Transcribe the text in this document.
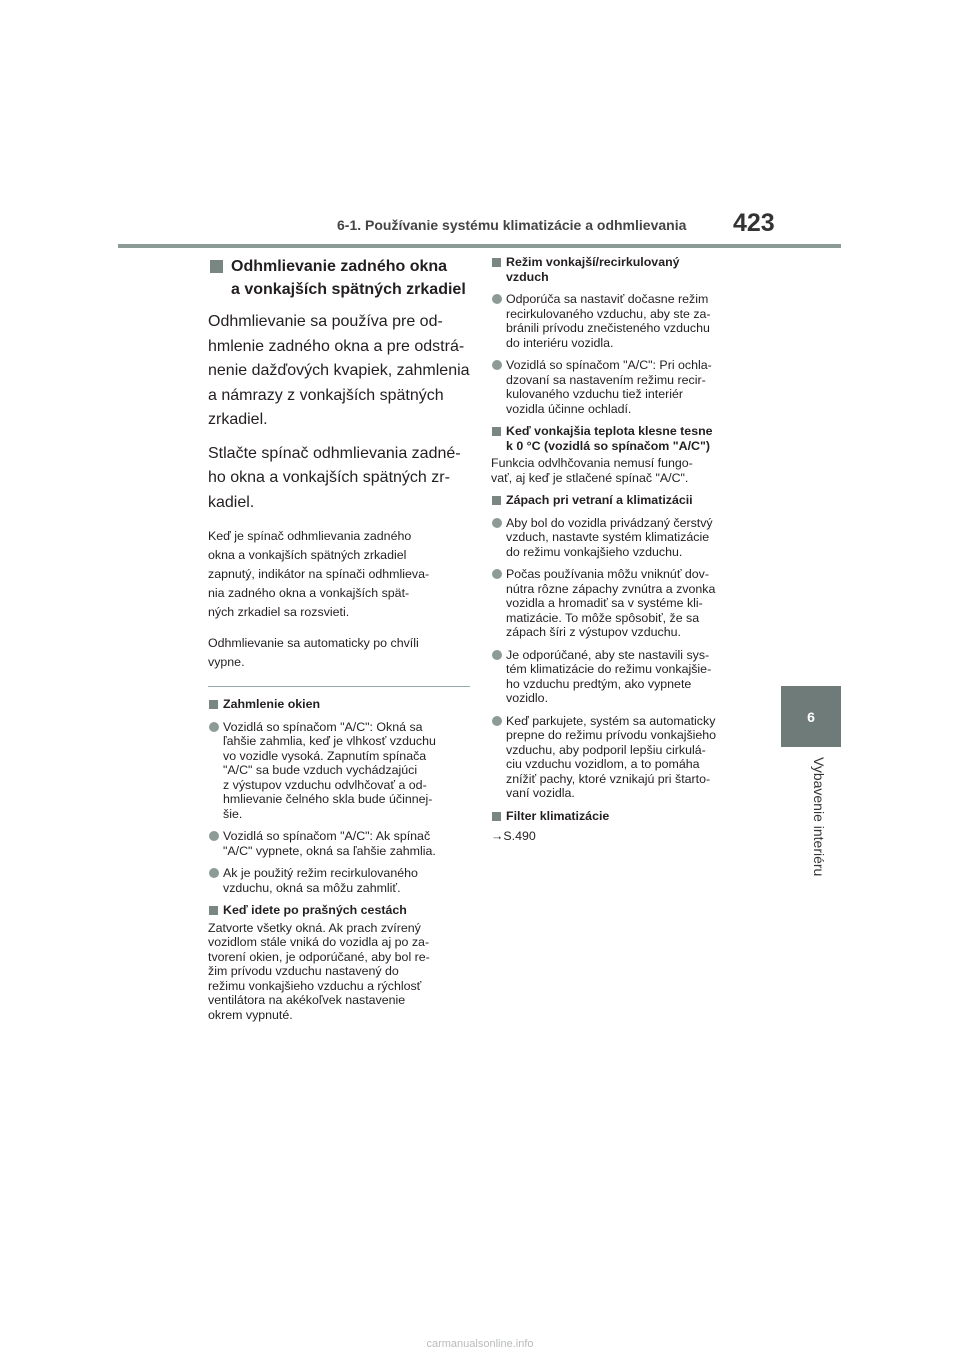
6-1. Používanie systému klimatizácie a odhmlievania 423
6
Vybavenie interiéru
Odhmlievanie zadného okna
a vonkajších spätných zrkadiel

Odhmlievanie sa používa pre od-
hmlenie zadného okna a pre odstrá-
nenie dažďových kvapiek, zahmlenia
a námrazy z vonkajších spätných
zrkadiel.

Stlačte spínač odhmlievania zadné-
ho okna a vonkajších spätných zr-
kadiel.

Keď je spínač odhmlievania zadného
okna a vonkajších spätných zrkadiel
zapnutý, indikátor na spínači odhmlieva-
nia zadného okna a vonkajších spät-
ných zrkadiel sa rozsvieti.

Odhmlievanie sa automaticky po chvíli
vypne.

Zahmlenie okien
Vozidlá so spínačom "A/C": Okná sa
ľahšie zahmlia, keď je vlhkosť vzduchu
vo vozidle vysoká. Zapnutím spínača
"A/C" sa bude vzduch vychádzajúci
z výstupov vzduchu odvlhčovať a od-
hmlievanie čelného skla bude účinnej-
šie.
Vozidlá so spínačom "A/C": Ak spínač
"A/C" vypnete, okná sa ľahšie zahmlia.
Ak je použitý režim recirkulovaného
vzduchu, okná sa môžu zahmliť.
Keď idete po prašných cestách
Zatvorte všetky okná. Ak prach zvírený
vozidlom stále vniká do vozidla aj po za-
tvorení okien, je odporúčané, aby bol re-
žim prívodu vzduchu nastavený do
režimu vonkajšieho vzduchu a rýchlosť
ventilátora na akékoľvek nastavenie
okrem vypnuté.
Režim vonkajší/recirkulovaný
vzduch
Odporúča sa nastaviť dočasne režim
recirkulovaného vzduchu, aby ste za-
bránili prívodu znečisteného vzduchu
do interiéru vozidla.
Vozidlá so spínačom "A/C": Pri ochla-
dzovaní sa nastavením režimu recir-
kulovaného vzduchu tiež interiér
vozidla účinne ochladí.
Keď vonkajšia teplota klesne tesne
k 0 °C (vozidlá so spínačom "A/C")
Funkcia odvlhčovania nemusí fungo-
vať, aj keď je stlačené spínač "A/C".
Zápach pri vetraní a klimatizácii
Aby bol do vozidla privádzaný čerstvý
vzduch, nastavte systém klimatizácie
do režimu vonkajšieho vzduchu.
Počas používania môžu vniknúť dov-
nútra rôzne zápachy zvnútra a zvonka
vozidla a hromadiť sa v systéme kli-
matizácie. To môže spôsobiť, že sa
zápach šíri z výstupov vzduchu.
Je odporúčané, aby ste nastavili sys-
tém klimatizácie do režimu vonkajšie-
ho vzduchu predtým, ako vypnete
vozidlo.
Keď parkujete, systém sa automaticky
prepne do režimu prívodu vonkajšieho
vzduchu, aby podporil lepšiu cirkulá-
ciu vzduchu vozidlom, a to pomáha
znížiť pachy, ktoré vznikajú pri štarto-
vaní vozidla.
Filter klimatizácie
→S.490
carmanualsonline.info
